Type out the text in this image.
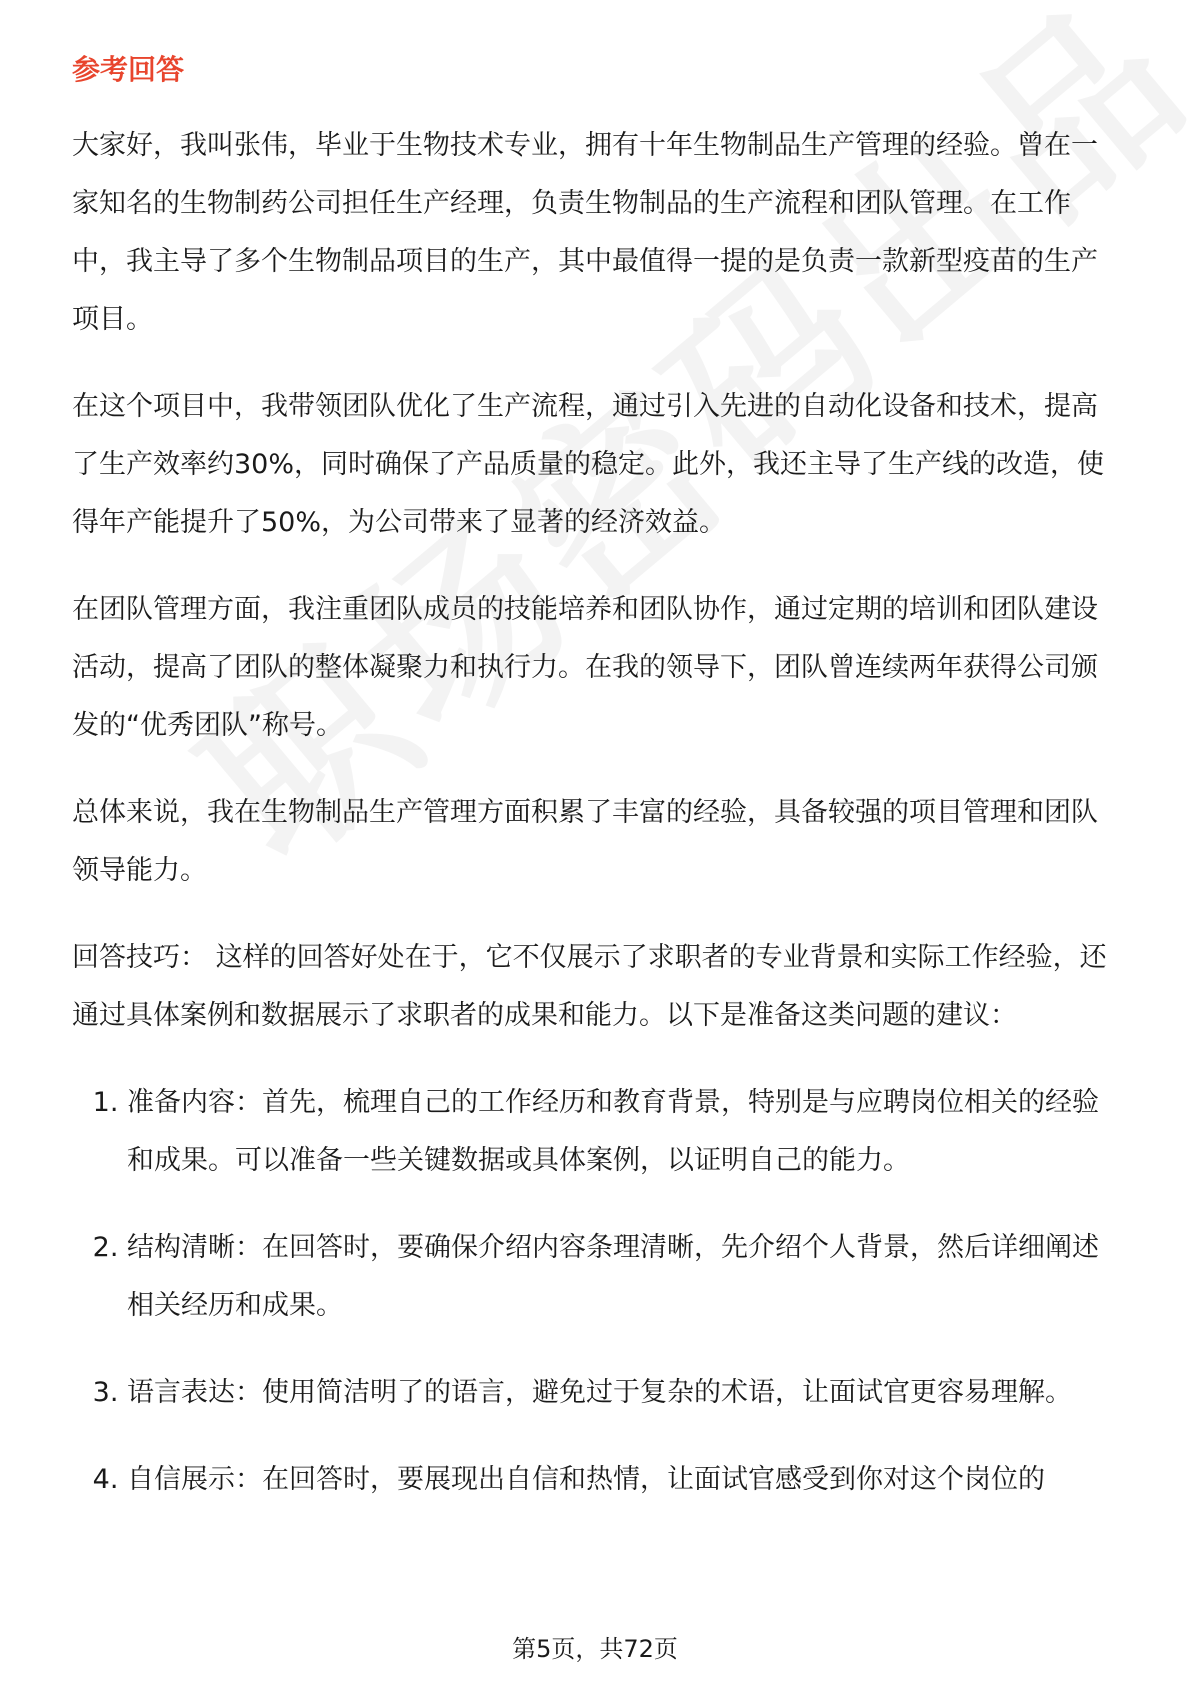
参考回答

大家好，我叫张伟，毕业于生物技术专业，拥有十年生物制品生产管理的经验。曾在一家知名的生物制药公司担任生产经理，负责生物制品的生产流程和团队管理。在工作中，我主导了多个生物制品项目的生产，其中最值得一提的是负责一款新型疫苗的生产项目。

在这个项目中，我带领团队优化了生产流程，通过引入先进的自动化设备和技术，提高了生产效率约30%，同时确保了产品质量的稳定。此外，我还主导了生产线的改造，使得年产能提升了50%，为公司带来了显著的经济效益。

在团队管理方面，我注重团队成员的技能培养和团队协作，通过定期的培训和团队建设活动，提高了团队的整体凝聚力和执行力。在我的领导下，团队曾连续两年获得公司颁发的“优秀团队”称号。

总体来说，我在生物制品生产管理方面积累了丰富的经验，具备较强的项目管理和团队领导能力。

回答技巧： 这样的回答好处在于，它不仅展示了求职者的专业背景和实际工作经验，还通过具体案例和数据展示了求职者的成果和能力。以下是准备这类问题的建议：

1. 准备内容：首先，梳理自己的工作经历和教育背景，特别是与应聘岗位相关的经验和成果。可以准备一些关键数据或具体案例，以证明自己的能力。
2. 结构清晰：在回答时，要确保介绍内容条理清晰，先介绍个人背景，然后详细阐述相关经历和成果。
3. 语言表达：使用简洁明了的语言，避免过于复杂的术语，让面试官更容易理解。
4. 自信展示：在回答时，要展现出自信和热情，让面试官感受到你对这个岗位的
第5页，共72页
